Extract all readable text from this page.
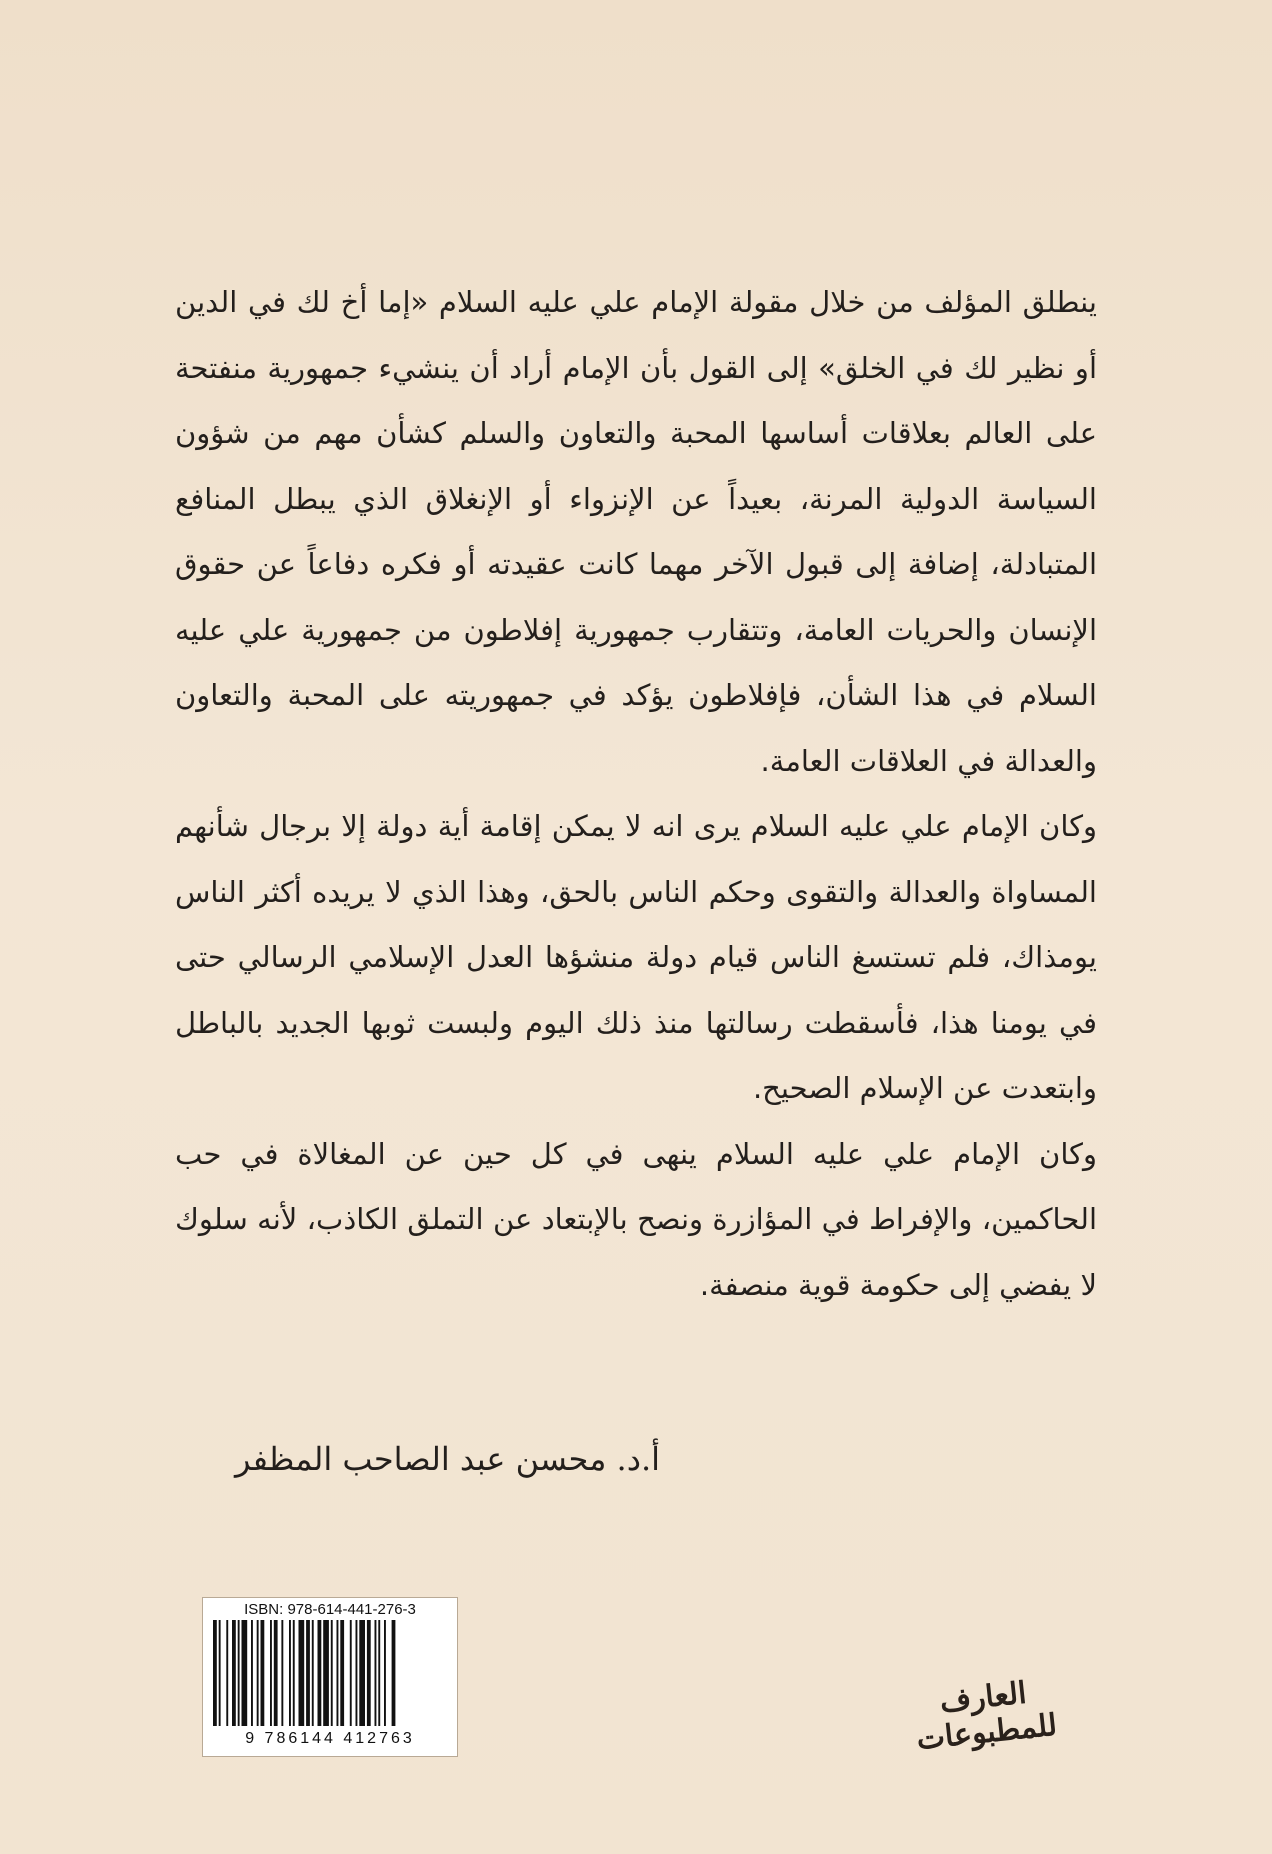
ينطلق المؤلف من خلال مقولة الإمام علي عليه السلام «إما أخ لك في الدين أو نظير لك في الخلق» إلى القول بأن الإمام أراد أن ينشيء جمهورية منفتحة على العالم بعلاقات أساسها المحبة والتعاون والسلم كشأن مهم من شؤون السياسة الدولية المرنة، بعيداً عن الإنزواء أو الإنغلاق الذي يبطل المنافع المتبادلة، إضافة إلى قبول الآخر مهما كانت عقيدته أو فكره دفاعاً عن حقوق الإنسان والحريات العامة، وتتقارب جمهورية إفلاطون من جمهورية علي عليه السلام في هذا الشأن، فإفلاطون يؤكد في جمهوريته على المحبة والتعاون والعدالة في العلاقات العامة.

وكان الإمام علي عليه السلام يرى انه لا يمكن إقامة أية دولة إلا برجال شأنهم المساواة والعدالة والتقوى وحكم الناس بالحق، وهذا الذي لا يريده أكثر الناس يومذاك، فلم تستسغ الناس قيام دولة منشؤها العدل الإسلامي الرسالي حتى في يومنا هذا، فأسقطت رسالتها منذ ذلك اليوم ولبست ثوبها الجديد بالباطل وابتعدت عن الإسلام الصحيح.

وكان الإمام علي عليه السلام ينهى في كل حين عن المغالاة في حب الحاكمين، والإفراط في المؤازرة ونصح بالإبتعاد عن التملق الكاذب، لأنه سلوك لا يفضي إلى حكومة قوية منصفة.

أ.د. محسن عبد الصاحب المظفر
ISBN: 978-614-441-276-3
9 786144 412763
العارف للمطبوعات
